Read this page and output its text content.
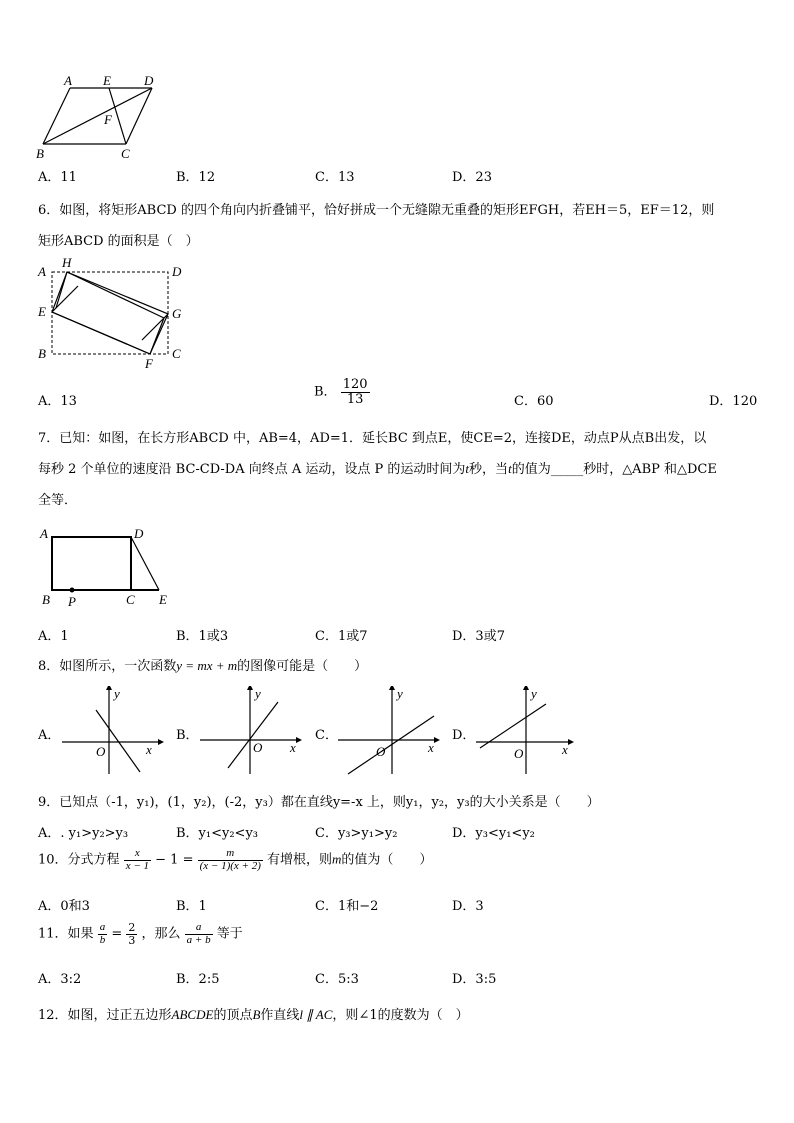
A E	D
F
B	C
A．11	B．12	C．13	D．23
6．如图，将矩形ABCD 的四个角向内折叠铺平，恰好拼成一个无缝隙无重叠的矩形EFGH，若EH＝5，EF＝12，则
矩形ABCD 的面积是（　）
A
H
D
E	G
B
F
C
A．13
B． $\frac{120}{13}$	C．60	D．120
7．已知：如图，在长方形ABCD 中，AB=4，AD=1．延长BC 到点E，使CE=2，连接DE，动点P从点B出发，以
每秒 2 个单位的速度沿 BC-CD-DA 向终点 A 运动，设点 P 的运动时间为t秒，当t的值为_____秒时，△ABP 和△DCE
全等．
A	D
B P	C E
A．1	B．1或3	C．1或7	D．3或7
8．如图所示，一次函数y = mx + m的图像可能是（　　）
A．
y
x
O
B．
y
x
O
C．
y
x
O
D．
y
x
O
9．已知点（-1，y₁)，(1，y₂)，(-2，y₃）都在直线y=-x 上，则y₁，y₂，y₃的大小关系是（　　）
A．. y₁>y₂>y₃	B．y₁<y₂<y₃	C．y₃>y₁>y₂	D．y₃<y₁<y₂
10．分式方程 $\frac{x}{x - 1} - 1 = \frac{m}{(x - 1)(x + 2)}$ 有增根，则m的值为（　　）
A．0和3	B．1	C．1和−2	D．3
11．如果 $\frac{a}{b} = \frac{2}{3}$ ，那么 $\frac{a}{a + b}$ 等于
A．3:2	B．2:5	C．5:3	D．3:5
12．如图，过正五边形ABCDE的顶点B作直线l ∥ AC，则∠1的度数为（　）
